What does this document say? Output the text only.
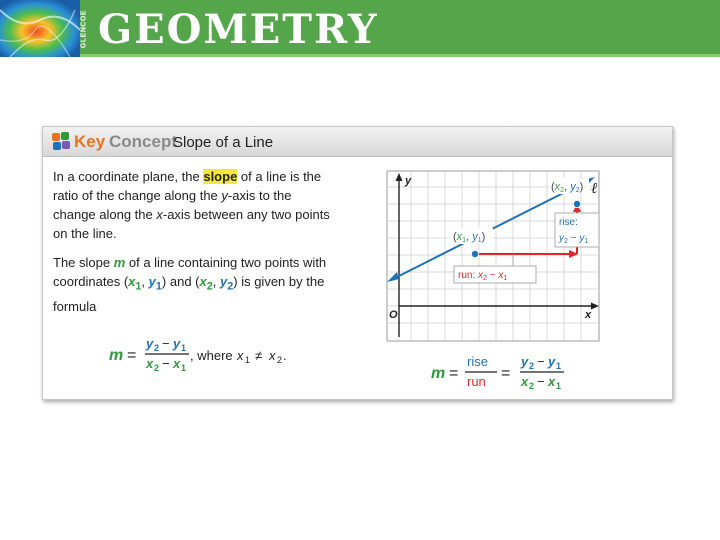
GLENCOE GEOMETRY
Key Concept
Slope of a Line
In a coordinate plane, the slope of a line is the ratio of the change along the y-axis to the change along the x-axis between any two points on the line.
The slope m of a line containing two points with coordinates ($x_1$, $y_1$) and ($x_2$, $y_2$) is given by the formula
m =
y 2 − y 1
x 2 − x 1
, where x 1 ≠ x 2 .
y
x
O
ℓ
(x2, y2)
(x1, y1)
rise:
$y_2 - y_1$
run: $x_2 - x_1$
m =
rise
run =
y 2 − y 1
x 2 − x 1
